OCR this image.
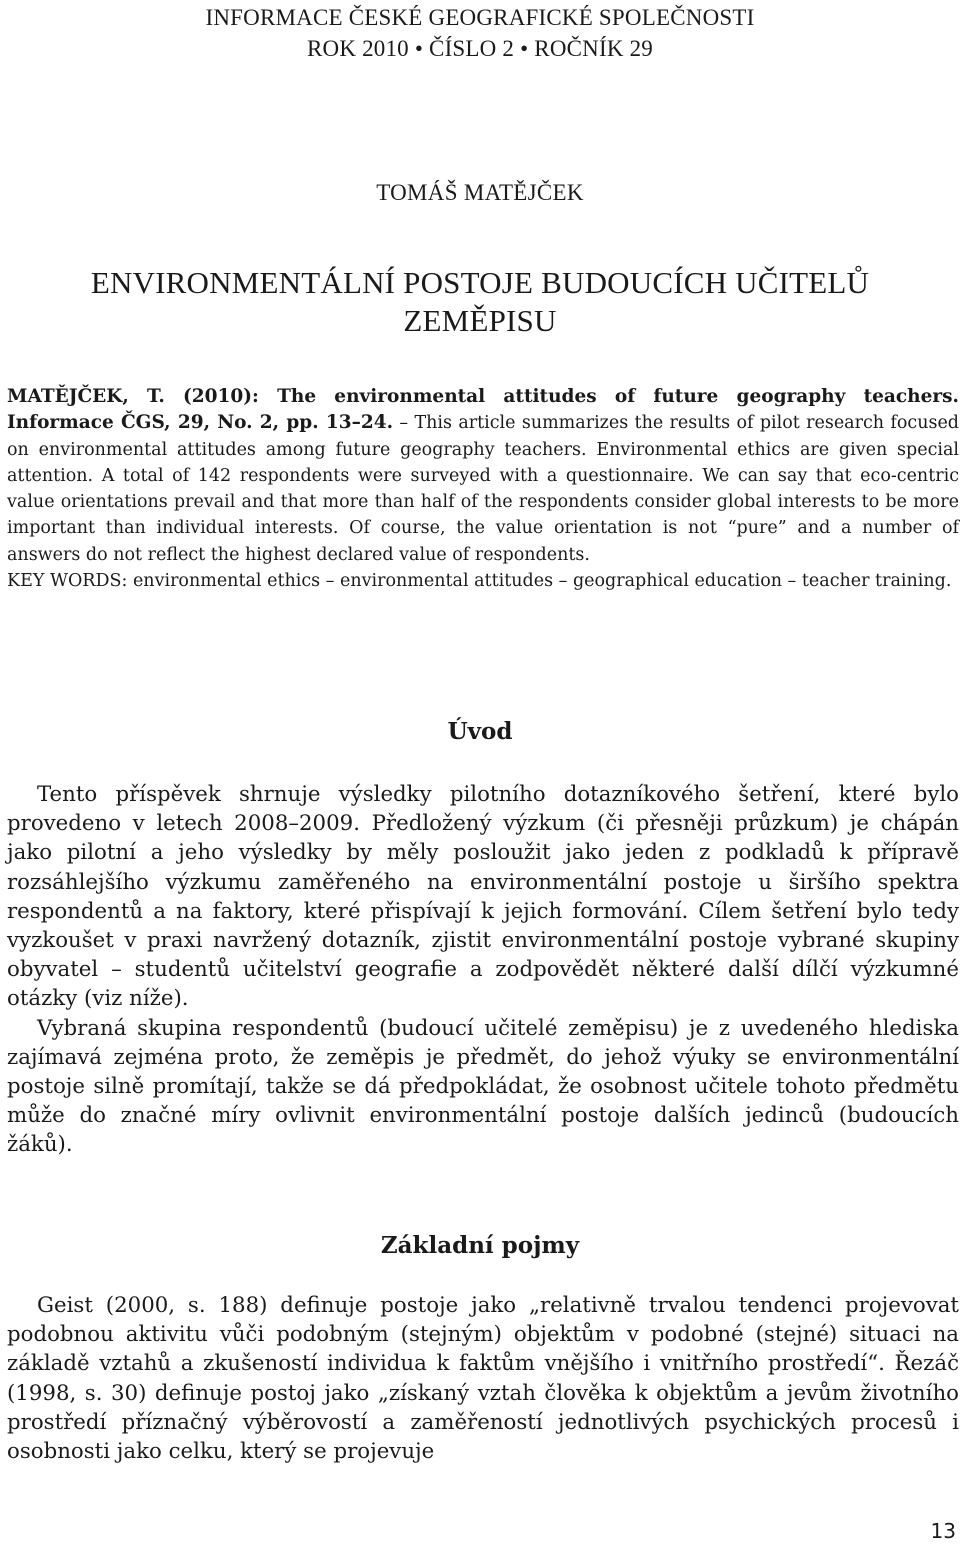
INFORMACE ČESKÉ GEOGRAFICKÉ SPOLEČNOSTI
ROK 2010 • ČÍSLO 2 • ROČNÍK 29
TOMÁŠ MATĚJČEK
ENVIRONMENTÁLNÍ POSTOJE BUDOUCÍCH UČITELŮ
ZEMĚPISU

MATĚJČEK, T. (2010): The environmental attitudes of future geography teachers. Informace ČGS, 29, No. 2, pp. 13–24. – This article summarizes the results of pilot research focused on environmental attitudes among future geography teachers. Environmental ethics are given special attention. A total of 142 respondents were surveyed with a questionnaire. We can say that eco-centric value orientations prevail and that more than half of the respondents consider global interests to be more important than individual interests. Of course, the value orientation is not “pure” and a number of answers do not reflect the highest declared value of respondents.

KEY WORDS: environmental ethics – environmental attitudes – geographical education – teacher training.

Úvod

Tento příspěvek shrnuje výsledky pilotního dotazníkového šetření, které bylo provedeno v letech 2008–2009. Předložený výzkum (či přesněji průzkum) je chápán jako pilotní a jeho výsledky by měly posloužit jako jeden z podkladů k přípravě rozsáhlejšího výzkumu zaměřeného na environmentální postoje u širšího spektra respondentů a na faktory, které přispívají k jejich formování. Cílem šetření bylo tedy vyzkoušet v praxi navržený dotazník, zjistit environmentální postoje vybrané skupiny obyvatel – studentů učitelství geografie a zodpovědět některé další dílčí výzkumné otázky (viz níže).

Vybraná skupina respondentů (budoucí učitelé zeměpisu) je z uvedeného hlediska zajímavá zejména proto, že zeměpis je předmět, do jehož výuky se environmentální postoje silně promítají, takže se dá předpokládat, že osobnost učitele tohoto předmětu může do značné míry ovlivnit environmentální postoje dalších jedinců (budoucích žáků).

Základní pojmy

Geist (2000, s. 188) definuje postoje jako „relativně trvalou tendenci projevovat podobnou aktivitu vůči podobným (stejným) objektům v podobné (stejné) situaci na základě vztahů a zkušeností individua k faktům vnějšího i vnitřního prostředí“. Řezáč (1998, s. 30) definuje postoj jako „získaný vztah člověka k objektům a jevům životního prostředí příznačný výběrovostí a zaměřeností jednotlivých psychických procesů i osobnosti jako celku, který se projevuje

13
